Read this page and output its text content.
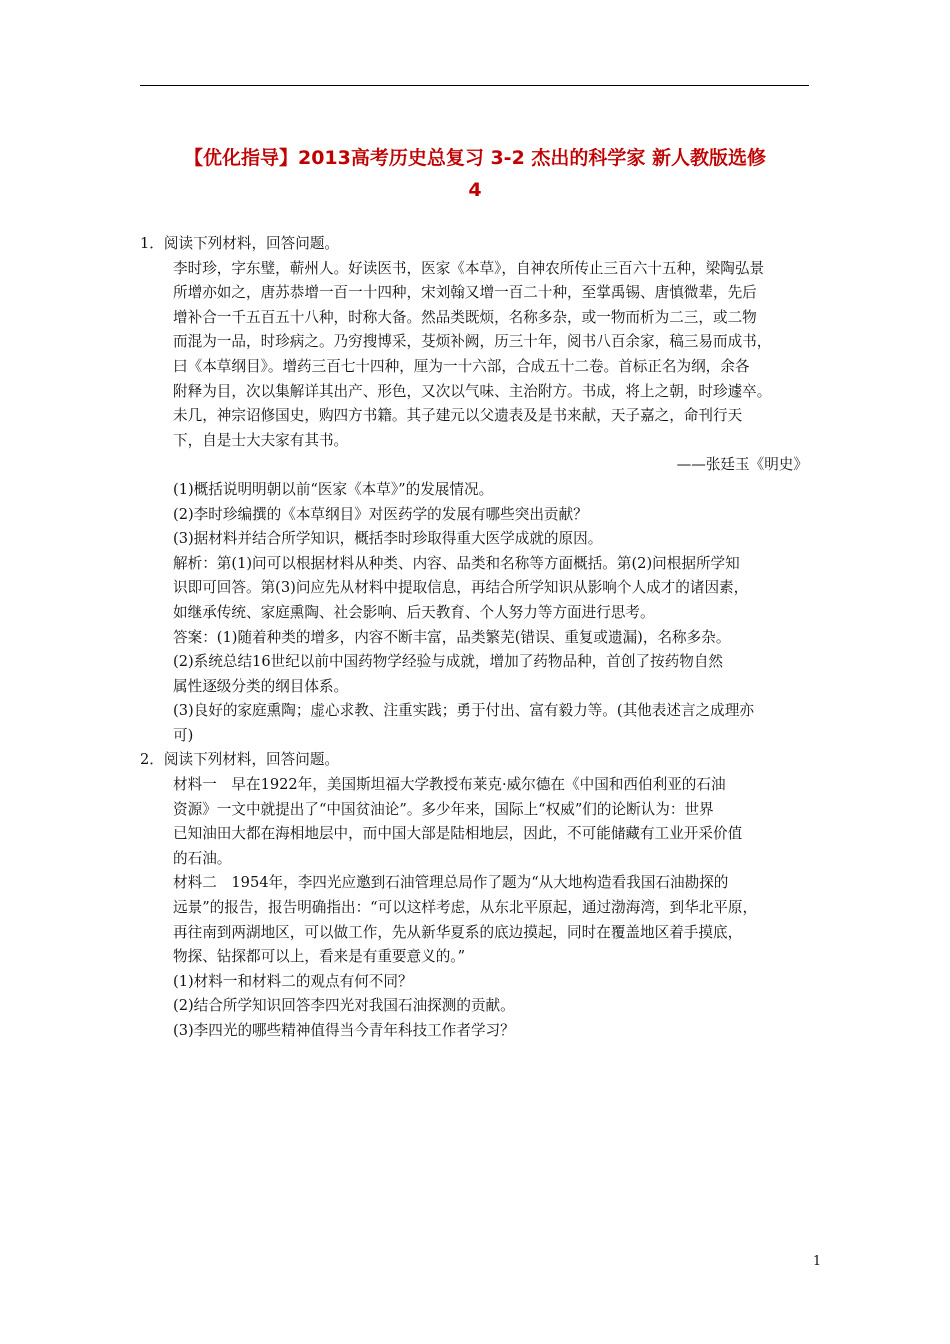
【优化指导】2013高考历史总复习 3-2 杰出的科学家 新人教版选修
4
1．阅读下列材料，回答问题。
李时珍，字东璧，蕲州人。好读医书，医家《本草》，自神农所传止三百六十五种，梁陶弘景
所增亦如之，唐苏恭增一百一十四种，宋刘翰又增一百二十种，至掌禹锡、唐慎微辈，先后
增补合一千五百五十八种，时称大备。然品类既烦，名称多杂，或一物而析为二三，或二物
而混为一品，时珍病之。乃穷搜博采，芟烦补阙，历三十年，阅书八百余家，稿三易而成书，
曰《本草纲目》。增药三百七十四种，厘为一十六部，合成五十二卷。首标正名为纲，余各
附释为目，次以集解详其出产、形色，又次以气味、主治附方。书成，将上之朝，时珍遽卒。
未几，神宗诏修国史，购四方书籍。其子建元以父遗表及是书来献，天子嘉之，命刊行天
下，自是士大夫家有其书。
——张廷玉《明史》
(1)概括说明明朝以前“医家《本草》”的发展情况。
(2)李时珍编撰的《本草纲目》对医药学的发展有哪些突出贡献？
(3)据材料并结合所学知识，概括李时珍取得重大医学成就的原因。
解析：第(1)问可以根据材料从种类、内容、品类和名称等方面概括。第(2)问根据所学知
识即可回答。第(3)问应先从材料中提取信息，再结合所学知识从影响个人成才的诸因素，
如继承传统、家庭熏陶、社会影响、后天教育、个人努力等方面进行思考。
答案：(1)随着种类的增多，内容不断丰富，品类繁芜(错误、重复或遗漏)，名称多杂。
(2)系统总结16世纪以前中国药物学经验与成就，增加了药物品种，首创了按药物自然
属性逐级分类的纲目体系。
(3)良好的家庭熏陶；虚心求教、注重实践；勇于付出、富有毅力等。(其他表述言之成理亦
可)
2．阅读下列材料，回答问题。
材料一　早在1922年，美国斯坦福大学教授布莱克·威尔德在《中国和西伯利亚的石油
资源》一文中就提出了“中国贫油论”。多少年来，国际上“权威”们的论断认为：世界
已知油田大都在海相地层中，而中国大部是陆相地层，因此，不可能储藏有工业开采价值
的石油。
材料二　1954年，李四光应邀到石油管理总局作了题为“从大地构造看我国石油勘探的
远景”的报告，报告明确指出：“可以这样考虑，从东北平原起，通过渤海湾，到华北平原，
再往南到两湖地区，可以做工作，先从新华夏系的底边摸起，同时在覆盖地区着手摸底，
物探、钻探都可以上，看来是有重要意义的。”
(1)材料一和材料二的观点有何不同？
(2)结合所学知识回答李四光对我国石油探测的贡献。
(3)李四光的哪些精神值得当今青年科技工作者学习？
1
